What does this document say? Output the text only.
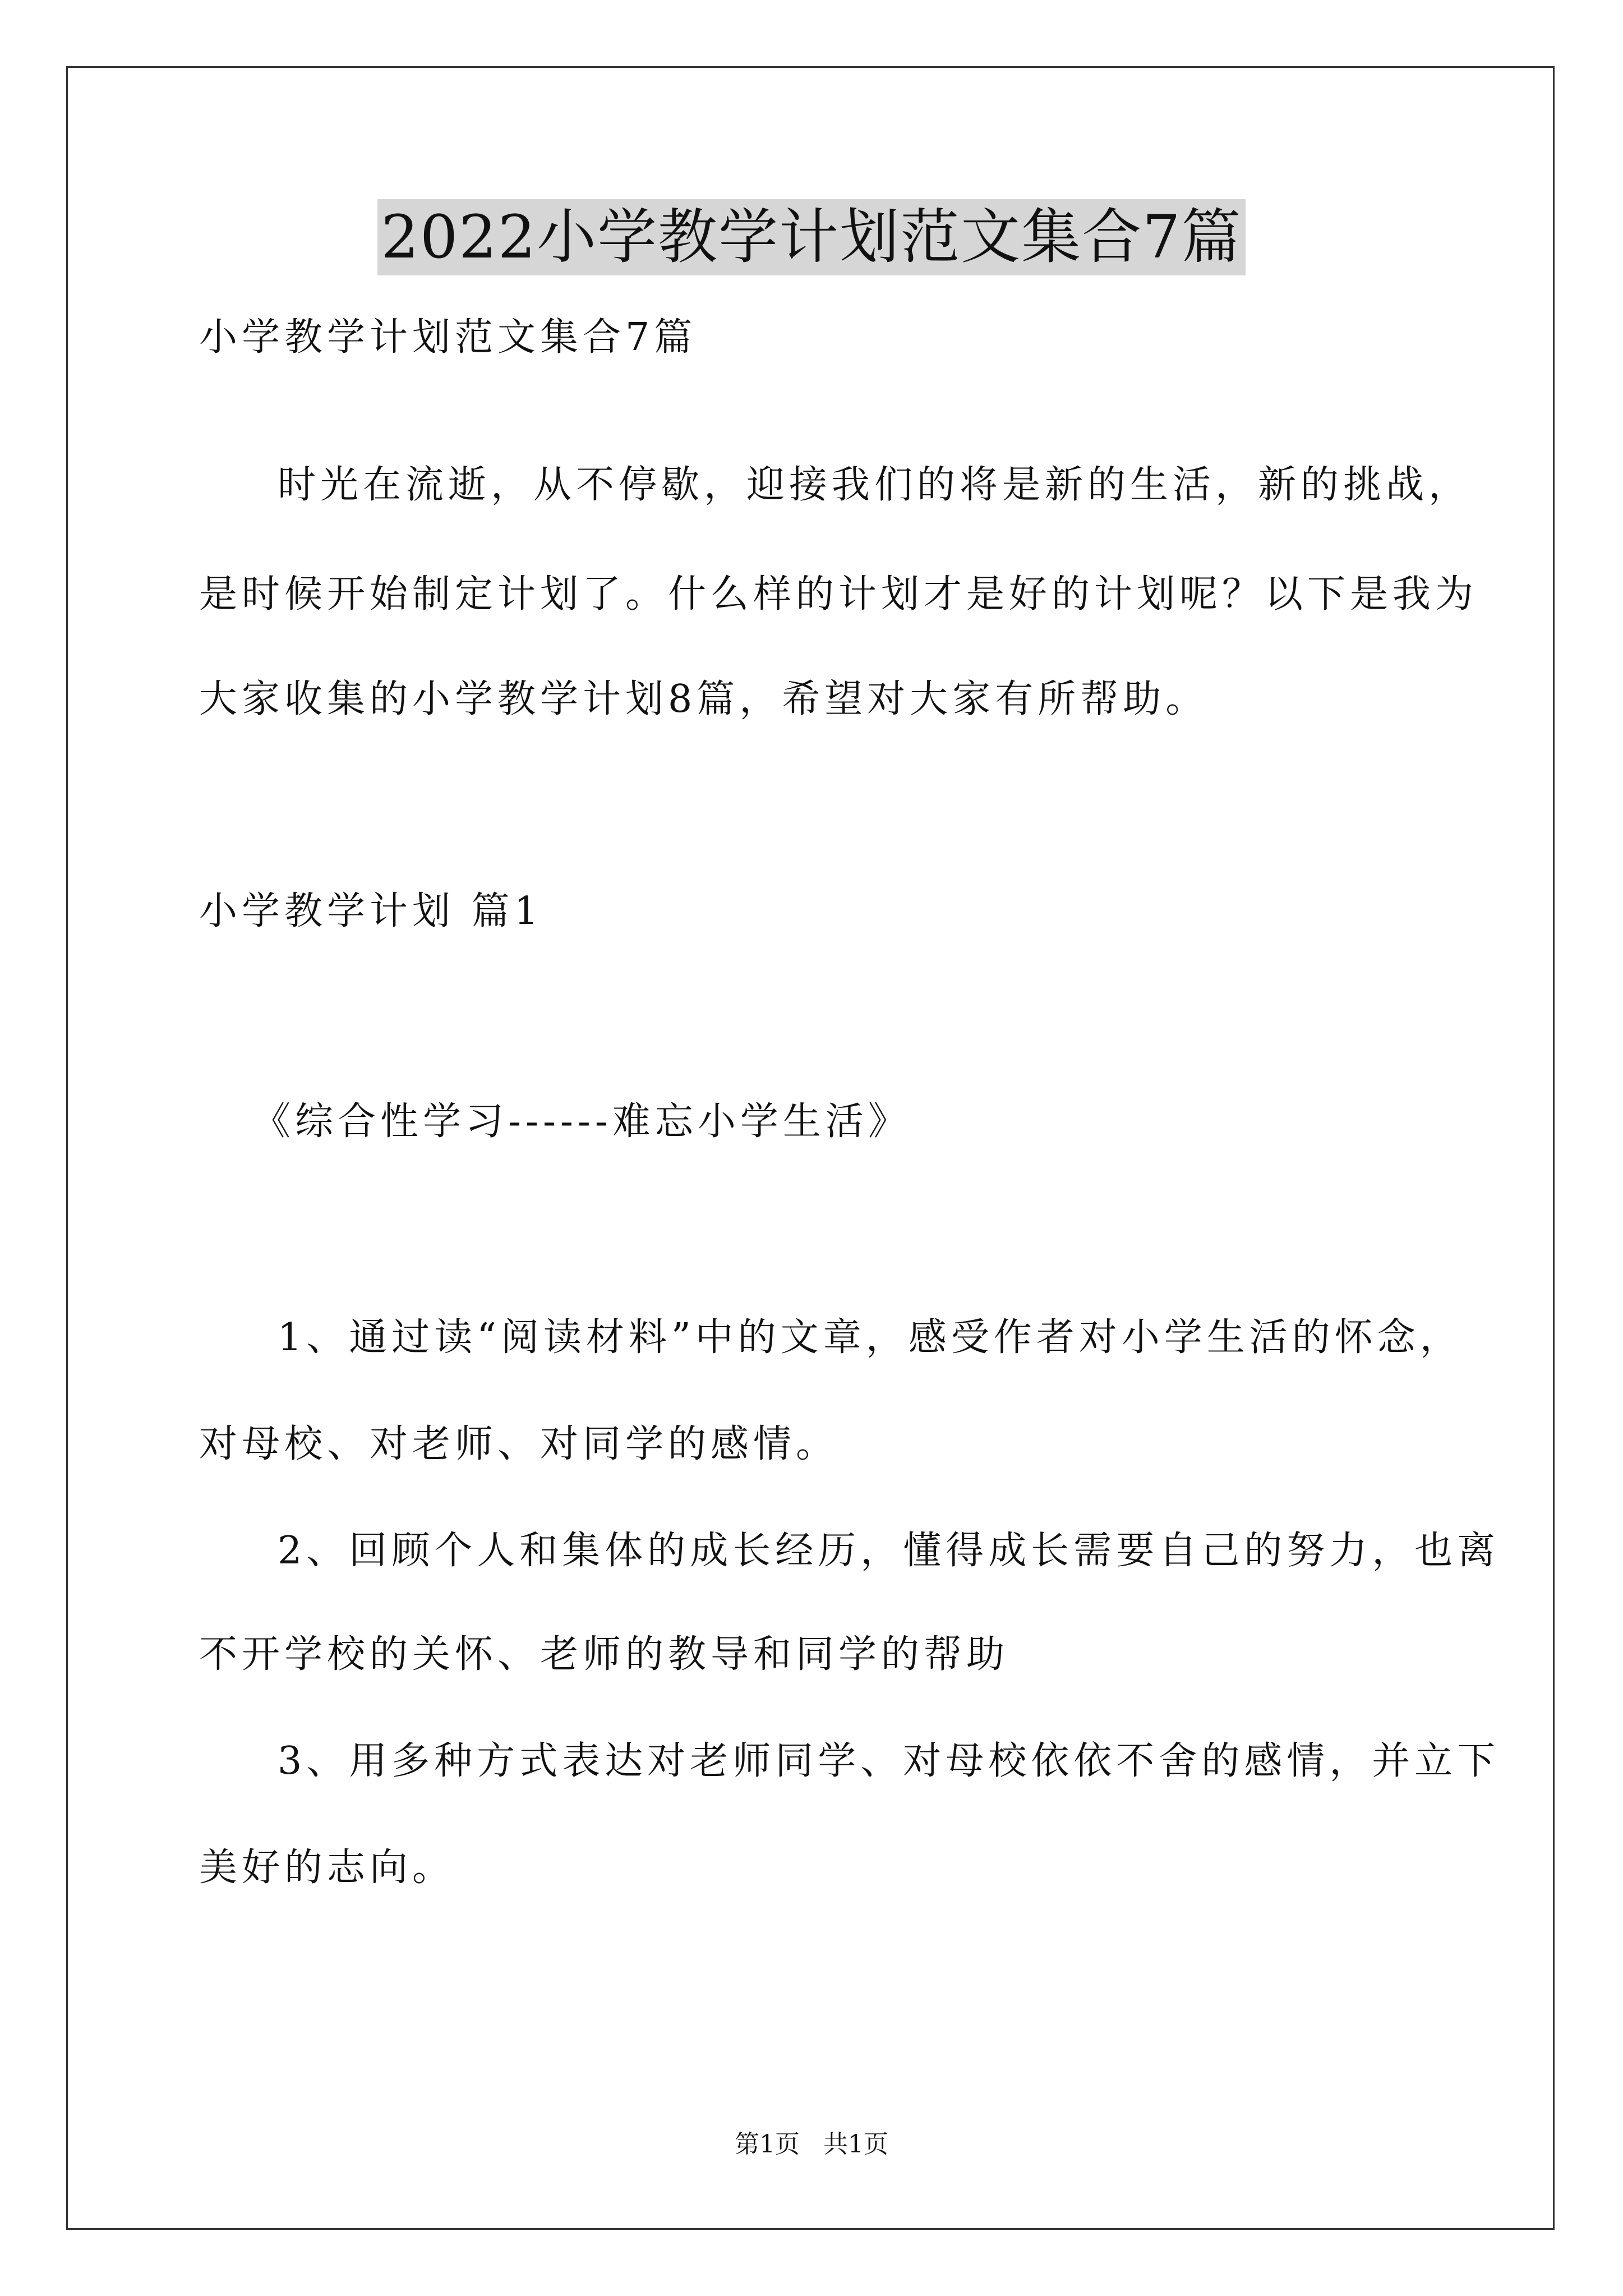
2022小学教学计划范文集合7篇
小学教学计划范文集合7篇
时光在流逝，从不停歇，迎接我们的将是新的生活，新的挑战，
是时候开始制定计划了。什么样的计划才是好的计划呢？以下是我为
大家收集的小学教学计划8篇，希望对大家有所帮助。
小学教学计划 篇1
《综合性学习------难忘小学生活》
1、通过读“阅读材料”中的文章，感受作者对小学生活的怀念，
对母校、对老师、对同学的感情。
2、回顾个人和集体的成长经历，懂得成长需要自己的努力，也离
不开学校的关怀、老师的教导和同学的帮助
3、用多种方式表达对老师同学、对母校依依不舍的感情，并立下
美好的志向。
第1页   共1页
